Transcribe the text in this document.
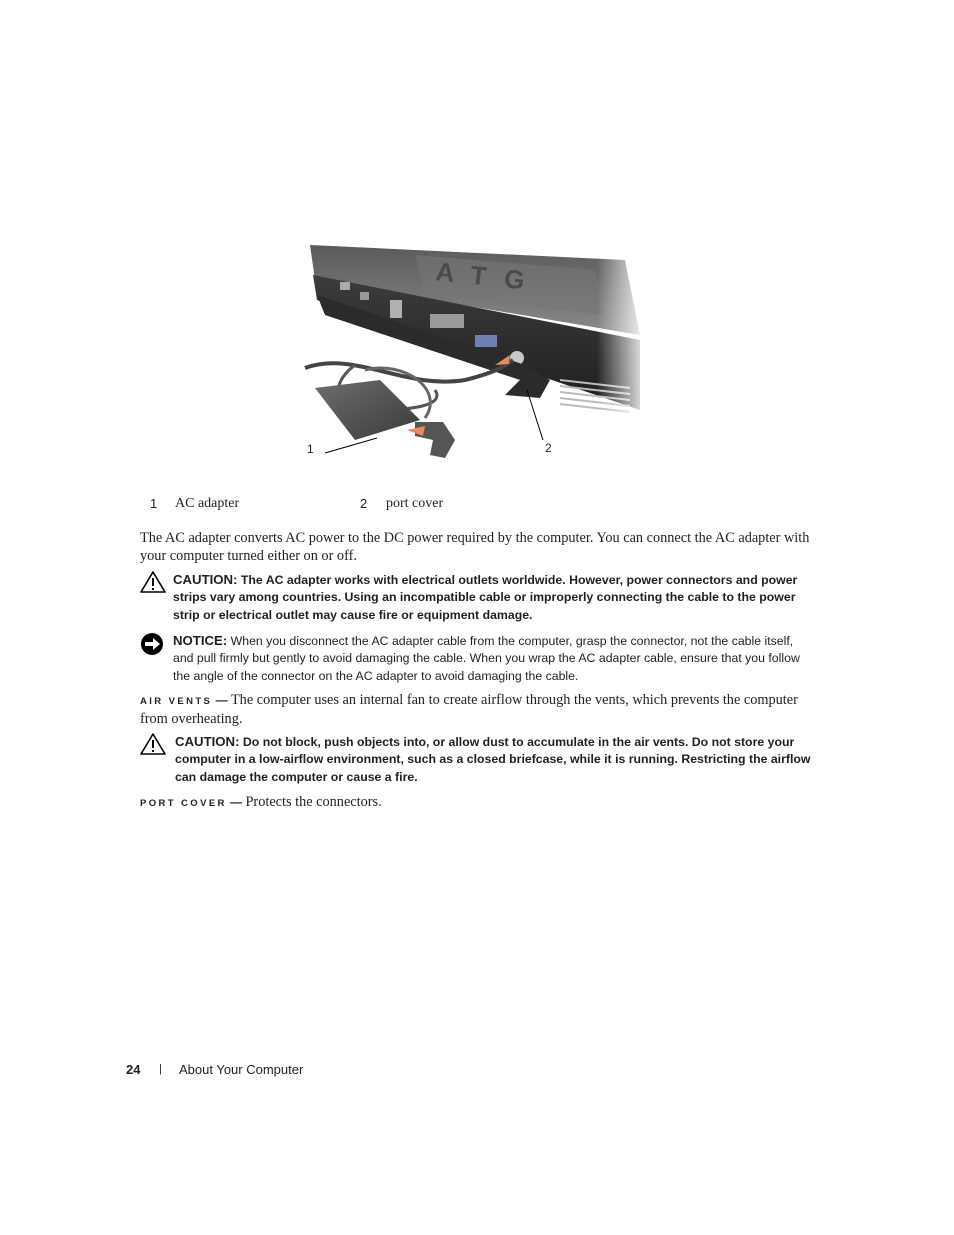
1	2
1 AC adapter	2 port cover
The AC adapter converts AC power to the DC power required by the computer. You can connect the AC adapter with your computer turned either on or off.
CAUTION: The AC adapter works with electrical outlets worldwide. However, power connectors and power strips vary among countries. Using an incompatible cable or improperly connecting the cable to the power strip or electrical outlet may cause fire or equipment damage.
NOTICE: When you disconnect the AC adapter cable from the computer, grasp the connector, not the cable itself, and pull firmly but gently to avoid damaging the cable. When you wrap the AC adapter cable, ensure that you follow the angle of the connector on the AC adapter to avoid damaging the cable.
AIR VENTS — The computer uses an internal fan to create airflow through the vents, which prevents the computer from overheating.
CAUTION: Do not block, push objects into, or allow dust to accumulate in the air vents. Do not store your computer in a low-airflow environment, such as a closed briefcase, while it is running. Restricting the airflow can damage the computer or cause a fire.
PORT COVER — Protects the connectors.
24 | About Your Computer
